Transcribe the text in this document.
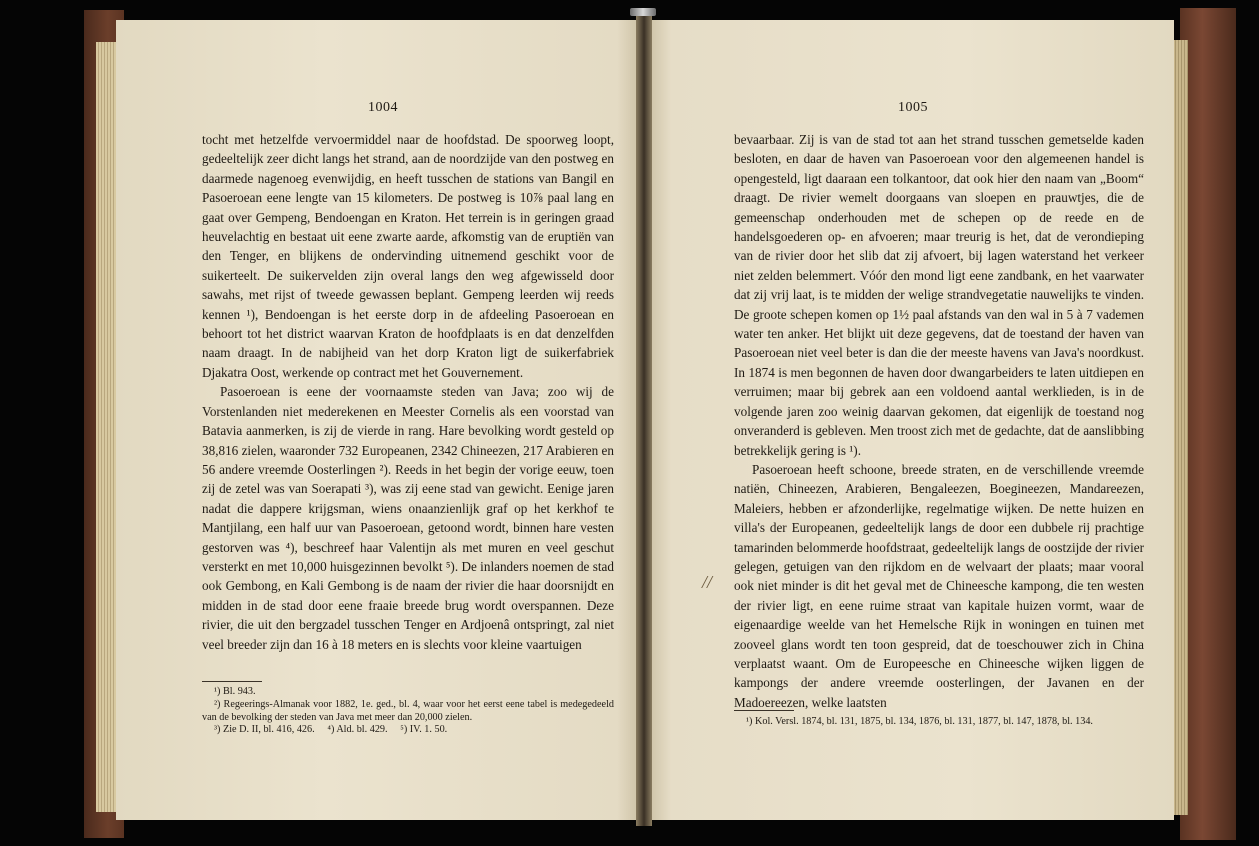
1004

tocht met hetzelfde vervoermiddel naar de hoofdstad. De spoorweg loopt, gedeeltelijk zeer dicht langs het strand, aan de noordzijde van den postweg en daarmede nagenoeg evenwijdig, en heeft tusschen de stations van Bangil en Pasoeroean eene lengte van 15 kilometers. De postweg is 10⅞ paal lang en gaat over Gempeng, Bendoengan en Kraton. Het terrein is in geringen graad heuvelachtig en bestaat uit eene zwarte aarde, afkomstig van de eruptiën van den Tenger, en blijkens de ondervinding uitnemend geschikt voor de suikerteelt. De suikervelden zijn overal langs den weg afgewisseld door sawahs, met rijst of tweede gewassen beplant. Gempeng leerden wij reeds kennen ¹), Bendoengan is het eerste dorp in de afdeeling Pasoeroean en behoort tot het district waarvan Kraton de hoofdplaats is en dat denzelfden naam draagt. In de nabijheid van het dorp Kraton ligt de suikerfabriek Djakatra Oost, werkende op contract met het Gouvernement.

Pasoeroean is eene der voornaamste steden van Java; zoo wij de Vorstenlanden niet mederekenen en Meester Cornelis als een voorstad van Batavia aanmerken, is zij de vierde in rang. Hare bevolking wordt gesteld op 38,816 zielen, waaronder 732 Europeanen, 2342 Chineezen, 217 Arabieren en 56 andere vreemde Oosterlingen ²). Reeds in het begin der vorige eeuw, toen zij de zetel was van Soerapati ³), was zij eene stad van gewicht. Eenige jaren nadat die dappere krijgsman, wiens onaanzienlijk graf op het kerkhof te Mantjilang, een half uur van Pasoeroean, getoond wordt, binnen hare vesten gestorven was ⁴), beschreef haar Valentijn als met muren en veel geschut versterkt en met 10,000 huisgezinnen bevolkt ⁵). De inlanders noemen de stad ook Gembong, en Kali Gembong is de naam der rivier die haar doorsnijdt en midden in de stad door eene fraaie breede brug wordt overspannen. Deze rivier, die uit den bergzadel tusschen Tenger en Ardjoenâ ontspringt, zal niet veel breeder zijn dan 16 à 18 meters en is slechts voor kleine vaartuigen

¹) Bl. 943.

²) Regeerings-Almanak voor 1882, 1e. ged., bl. 4, waar voor het eerst eene tabel is medegedeeld van de bevolking der steden van Java met meer dan 20,000 zielen.

³) Zie D. II, bl. 416, 426.     ⁴) Ald. bl. 429.     ⁵) IV. 1. 50.

1005

bevaarbaar. Zij is van de stad tot aan het strand tusschen gemetselde kaden besloten, en daar de haven van Pasoeroean voor den algemeenen handel is opengesteld, ligt daaraan een tolkantoor, dat ook hier den naam van „Boom“ draagt. De rivier wemelt doorgaans van sloepen en prauwtjes, die de gemeenschap onderhouden met de schepen op de reede en de handelsgoederen op- en afvoeren; maar treurig is het, dat de verondieping van de rivier door het slib dat zij afvoert, bij lagen waterstand het verkeer niet zelden belemmert. Vóór den mond ligt eene zandbank, en het vaarwater dat zij vrij laat, is te midden der welige strandvegetatie nauwelijks te vinden. De groote schepen komen op 1½ paal afstands van den wal in 5 à 7 vademen water ten anker. Het blijkt uit deze gegevens, dat de toestand der haven van Pasoeroean niet veel beter is dan die der meeste havens van Java's noordkust. In 1874 is men begonnen de haven door dwangarbeiders te laten uitdiepen en verruimen; maar bij gebrek aan een voldoend aantal werklieden, is in de volgende jaren zoo weinig daarvan gekomen, dat eigenlijk de toestand nog onveranderd is gebleven. Men troost zich met de gedachte, dat de aanslibbing betrekkelijk gering is ¹).

Pasoeroean heeft schoone, breede straten, en de verschillende vreemde natiën, Chineezen, Arabieren, Bengaleezen, Boegineezen, Mandareezen, Maleiers, hebben er afzonderlijke, regelmatige wijken. De nette huizen en villa's der Europeanen, gedeeltelijk langs de door een dubbele rij prachtige tamarinden belommerde hoofdstraat, gedeeltelijk langs de oostzijde der rivier gelegen, getuigen van den rijkdom en de welvaart der plaats; maar vooral ook niet minder is dit het geval met de Chineesche kampong, die ten westen der rivier ligt, en eene ruime straat van kapitale huizen vormt, waar de eigenaardige weelde van het Hemelsche Rijk in woningen en tuinen met zooveel glans wordt ten toon gespreid, dat de toeschouwer zich in China verplaatst waant. Om de Europeesche en Chineesche wijken liggen de kampongs der andere vreemde oosterlingen, der Javanen en der Madoereezen, welke laatsten

¹) Kol. Versl. 1874, bl. 131, 1875, bl. 134, 1876, bl. 131, 1877, bl. 147, 1878, bl. 134.

//
